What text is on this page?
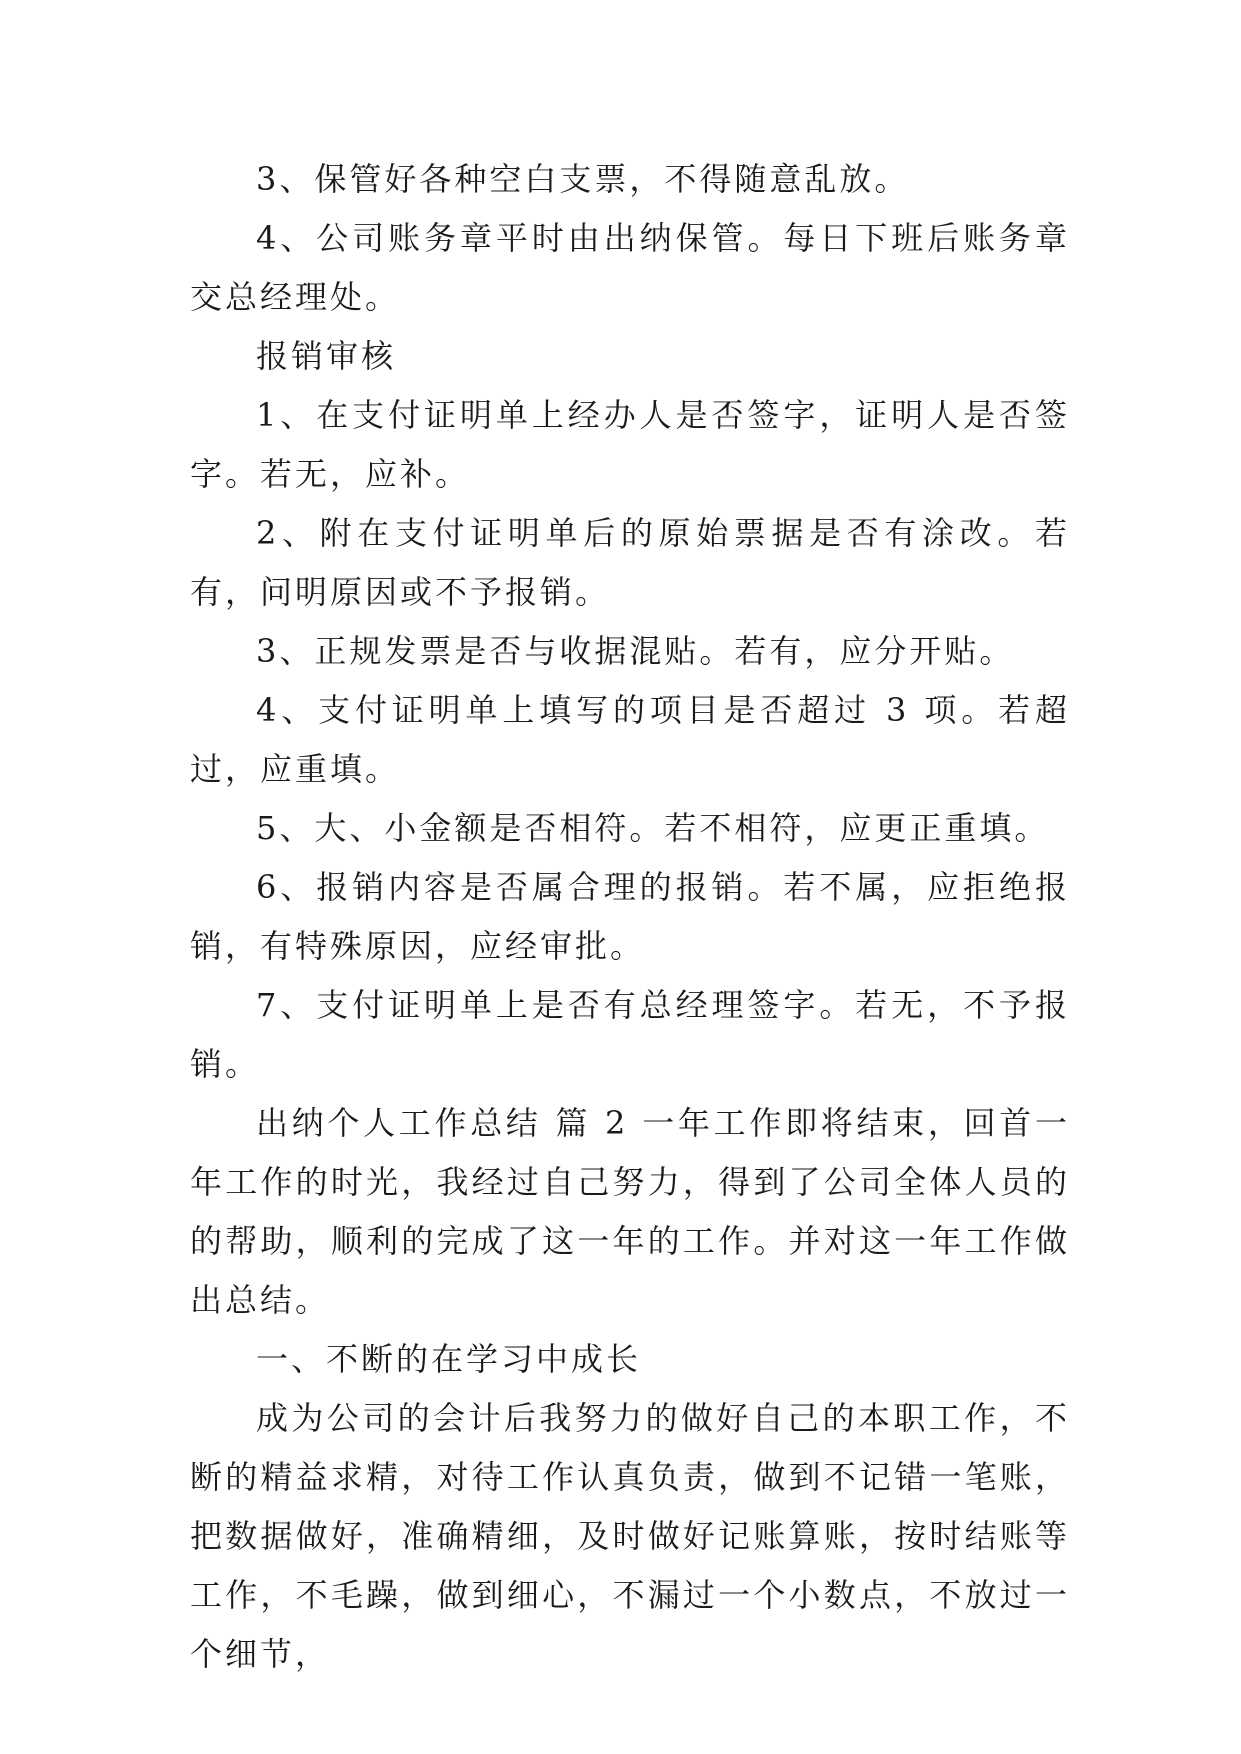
3、保管好各种空白支票，不得随意乱放。

4、公司账务章平时由出纳保管。每日下班后账务章交总经理处。

报销审核

1、在支付证明单上经办人是否签字，证明人是否签字。若无，应补。

2、附在支付证明单后的原始票据是否有涂改。若有，问明原因或不予报销。

3、正规发票是否与收据混贴。若有，应分开贴。

4、支付证明单上填写的项目是否超过 3 项。若超过，应重填。

5、大、小金额是否相符。若不相符，应更正重填。

6、报销内容是否属合理的报销。若不属，应拒绝报销，有特殊原因，应经审批。

7、支付证明单上是否有总经理签字。若无，不予报销。

出纳个人工作总结 篇 2 一年工作即将结束，回首一年工作的时光，我经过自己努力，得到了公司全体人员的的帮助，顺利的完成了这一年的工作。并对这一年工作做出总结。

一、不断的在学习中成长

成为公司的会计后我努力的做好自己的本职工作，不断的精益求精，对待工作认真负责，做到不记错一笔账，把数据做好，准确精细，及时做好记账算账，按时结账等工作，不毛躁，做到细心，不漏过一个小数点，不放过一个细节，
